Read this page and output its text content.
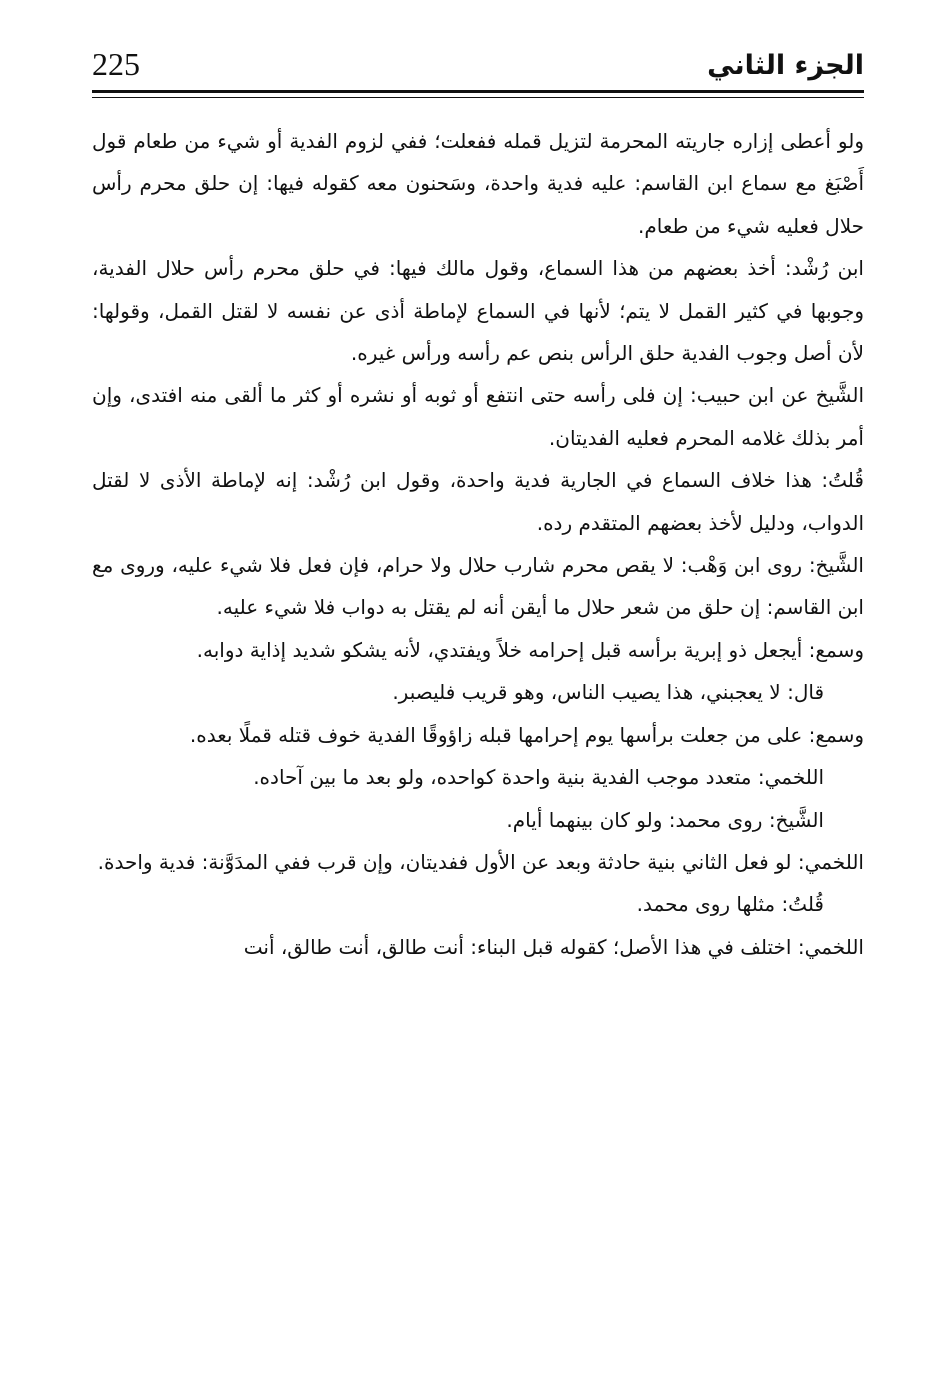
225	الجزء الثاني

ولو أعطى إزاره جاريته المحرمة لتزيل قمله ففعلت؛ ففي لزوم الفدية أو شيء من طعام قول أَصْبَغ مع سماع ابن القاسم: عليه فدية واحدة، وسَحنون معه كقوله فيها: إن حلق محرم رأس حلال فعليه شيء من طعام.

ابن رُشْد: أخذ بعضهم من هذا السماع، وقول مالك فيها: في حلق محرم رأس حلال الفدية، وجوبها في كثير القمل لا يتم؛ لأنها في السماع لإماطة أذى عن نفسه لا لقتل القمل، وقولها: لأن أصل وجوب الفدية حلق الرأس بنص عم رأسه ورأس غيره.

الشَّيخ عن ابن حبيب: إن فلى رأسه حتى انتفع أو ثوبه أو نشره أو كثر ما ألقى منه افتدى، وإن أمر بذلك غلامه المحرم فعليه الفديتان.

قُلتُ: هذا خلاف السماع في الجارية فدية واحدة، وقول ابن رُشْد: إنه لإماطة الأذى لا لقتل الدواب، ودليل لأخذ بعضهم المتقدم رده.

الشَّيخ: روى ابن وَهْب: لا يقص محرم شارب حلال ولا حرام، فإن فعل فلا شيء عليه، وروى مع ابن القاسم: إن حلق من شعر حلال ما أيقن أنه لم يقتل به دواب فلا شيء عليه.

وسمع: أيجعل ذو إبرية برأسه قبل إحرامه خلاً ويفتدي، لأنه يشكو شديد إذاية دوابه.

قال: لا يعجبني، هذا يصيب الناس، وهو قريب فليصبر.

وسمع: على من جعلت برأسها يوم إحرامها قبله زاؤوقًا الفدية خوف قتله قملًا بعده.

اللخمي: متعدد موجب الفدية بنية واحدة كواحده، ولو بعد ما بين آحاده.

الشَّيخ: روى محمد: ولو كان بينهما أيام.

اللخمي: لو فعل الثاني بنية حادثة وبعد عن الأول ففديتان، وإن قرب ففي المدَوَّنة: فدية واحدة.

قُلتُ: مثلها روى محمد.

اللخمي: اختلف في هذا الأصل؛ كقوله قبل البناء: أنت طالق، أنت طالق، أنت
